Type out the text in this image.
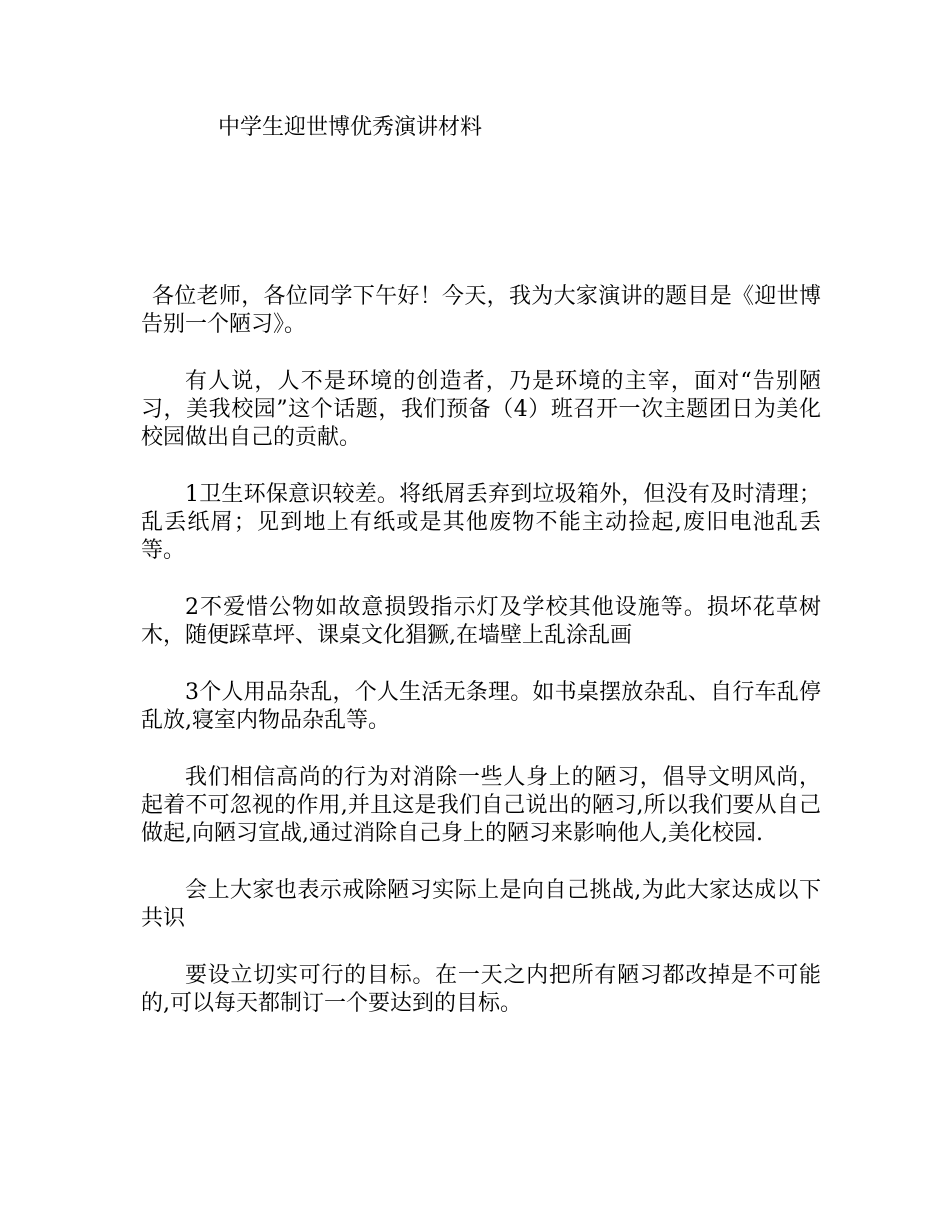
中学生迎世博优秀演讲材料

各位老师，各位同学下午好！今天，我为大家演讲的题目是《迎世博告别一个陋习》。

有人说，人不是环境的创造者，乃是环境的主宰，面对“告别陋习，美我校园”这个话题，我们预备（4）班召开一次主题团日为美化校园做出自己的贡献。

1卫生环保意识较差。将纸屑丢弃到垃圾箱外，但没有及时清理；乱丢纸屑；见到地上有纸或是其他废物不能主动捡起,废旧电池乱丢等。

2不爱惜公物如故意损毁指示灯及学校其他设施等。损坏花草树木，随便踩草坪、课桌文化猖獗,在墙壁上乱涂乱画

3个人用品杂乱，个人生活无条理。如书桌摆放杂乱、自行车乱停乱放,寝室内物品杂乱等。

我们相信高尚的行为对消除一些人身上的陋习，倡导文明风尚，起着不可忽视的作用,并且这是我们自己说出的陋习,所以我们要从自己做起,向陋习宣战,通过消除自己身上的陋习来影响他人,美化校园.

会上大家也表示戒除陋习实际上是向自己挑战,为此大家达成以下共识

要设立切实可行的目标。在一天之内把所有陋习都改掉是不可能的,可以每天都制订一个要达到的目标。
